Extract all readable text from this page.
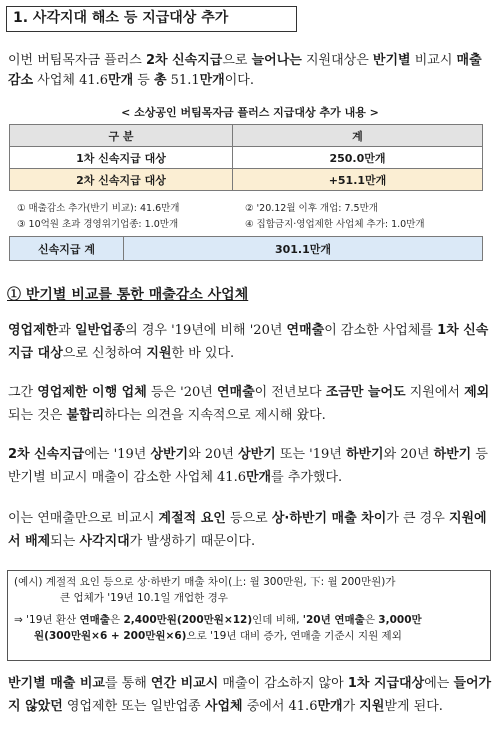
1. 사각지대 해소 등 지급대상 추가
이번 버팀목자금 플러스 2차 신속지급으로 늘어나는 지원대상은 반기별 비교시 매출감소 사업체 41.6만개 등 총 51.1만개이다.
< 소상공인 버팀목자금 플러스 지급대상 추가 내용 >
구 분	계
1차 신속지급 대상	250.0만개
2차 신속지급 대상	+51.1만개
① 매출감소 추가(반기 비교): 41.6만개	② '20.12월 이후 개업: 7.5만개
③ 10억원 초과 경영위기업종: 1.0만개	④ 집합금지·영업제한 사업체 추가: 1.0만개
신속지급 계	301.1만개
① 반기별 비교를 통한 매출감소 사업체
영업제한과 일반업종의 경우 '19년에 비해 '20년 연매출이 감소한 사업체를 1차 신속지급 대상으로 신청하여 지원한 바 있다.
그간 영업제한 이행 업체 등은 '20년 연매출이 전년보다 조금만 늘어도 지원에서 제외되는 것은 불합리하다는 의견을 지속적으로 제시해 왔다.
2차 신속지급에는 '19년 상반기와 20년 상반기 또는 '19년 하반기와 20년 하반기 등 반기별 비교시 매출이 감소한 사업체 41.6만개를 추가했다.
이는 연매출만으로 비교시 계절적 요인 등으로 상·하반기 매출 차이가 큰 경우 지원에서 배제되는 사각지대가 발생하기 때문이다.
(예시) 계절적 요인 등으로 상·하반기 매출 차이(上: 월 300만원, 下: 월 200만원)가
큰 업체가 '19년 10.1일 개업한 경우
⇒ '19년 환산 연매출은 2,400만원(200만원×12)인데 비해, '20년 연매출은 3,000만
원(300만원×6 + 200만원×6)으로 '19년 대비 증가, 연매출 기준시 지원 제외
반기별 매출 비교를 통해 연간 비교시 매출이 감소하지 않아 1차 지급대상에는 들어가지 않았던 영업제한 또는 일반업종 사업체 중에서 41.6만개가 지원받게 된다.
